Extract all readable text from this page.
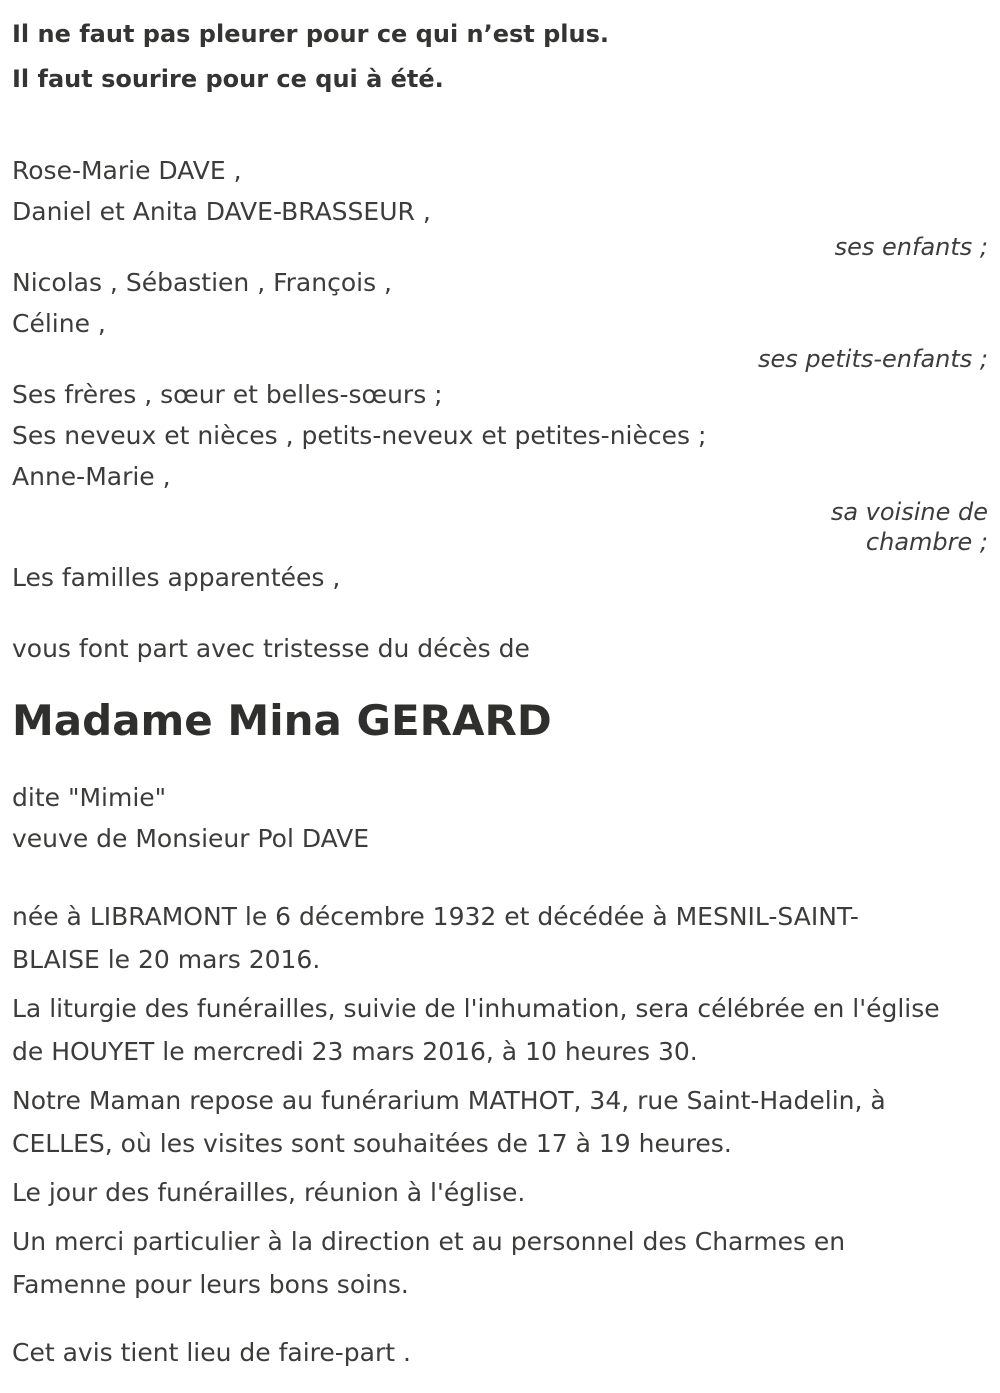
Il ne faut pas pleurer pour ce qui n’est plus.

Il faut sourire pour ce qui à été.

Rose-Marie DAVE ,

Daniel et Anita DAVE-BRASSEUR ,

ses enfants ;

Nicolas , Sébastien , François ,

Céline ,

ses petits-enfants ;

Ses frères , sœur et belles-sœurs ;

Ses neveux et nièces , petits-neveux et petites-nièces ;

Anne-Marie ,

sa voisine de

chambre ;

Les familles apparentées ,

vous font part avec tristesse du décès de

Madame Mina GERARD

dite "Mimie"

veuve de Monsieur Pol DAVE

née à LIBRAMONT le 6 décembre 1932 et décédée à MESNIL-SAINT-BLAISE le 20 mars 2016.

La liturgie des funérailles, suivie de l'inhumation, sera célébrée en l'église de HOUYET le mercredi 23 mars 2016, à 10 heures 30.

Notre Maman repose au funérarium MATHOT, 34, rue Saint-Hadelin, à CELLES, où les visites sont souhaitées de 17 à 19 heures.

Le jour des funérailles, réunion à l'église.

Un merci particulier à la direction et au personnel des Charmes en Famenne pour leurs bons soins.

Cet avis tient lieu de faire-part .
